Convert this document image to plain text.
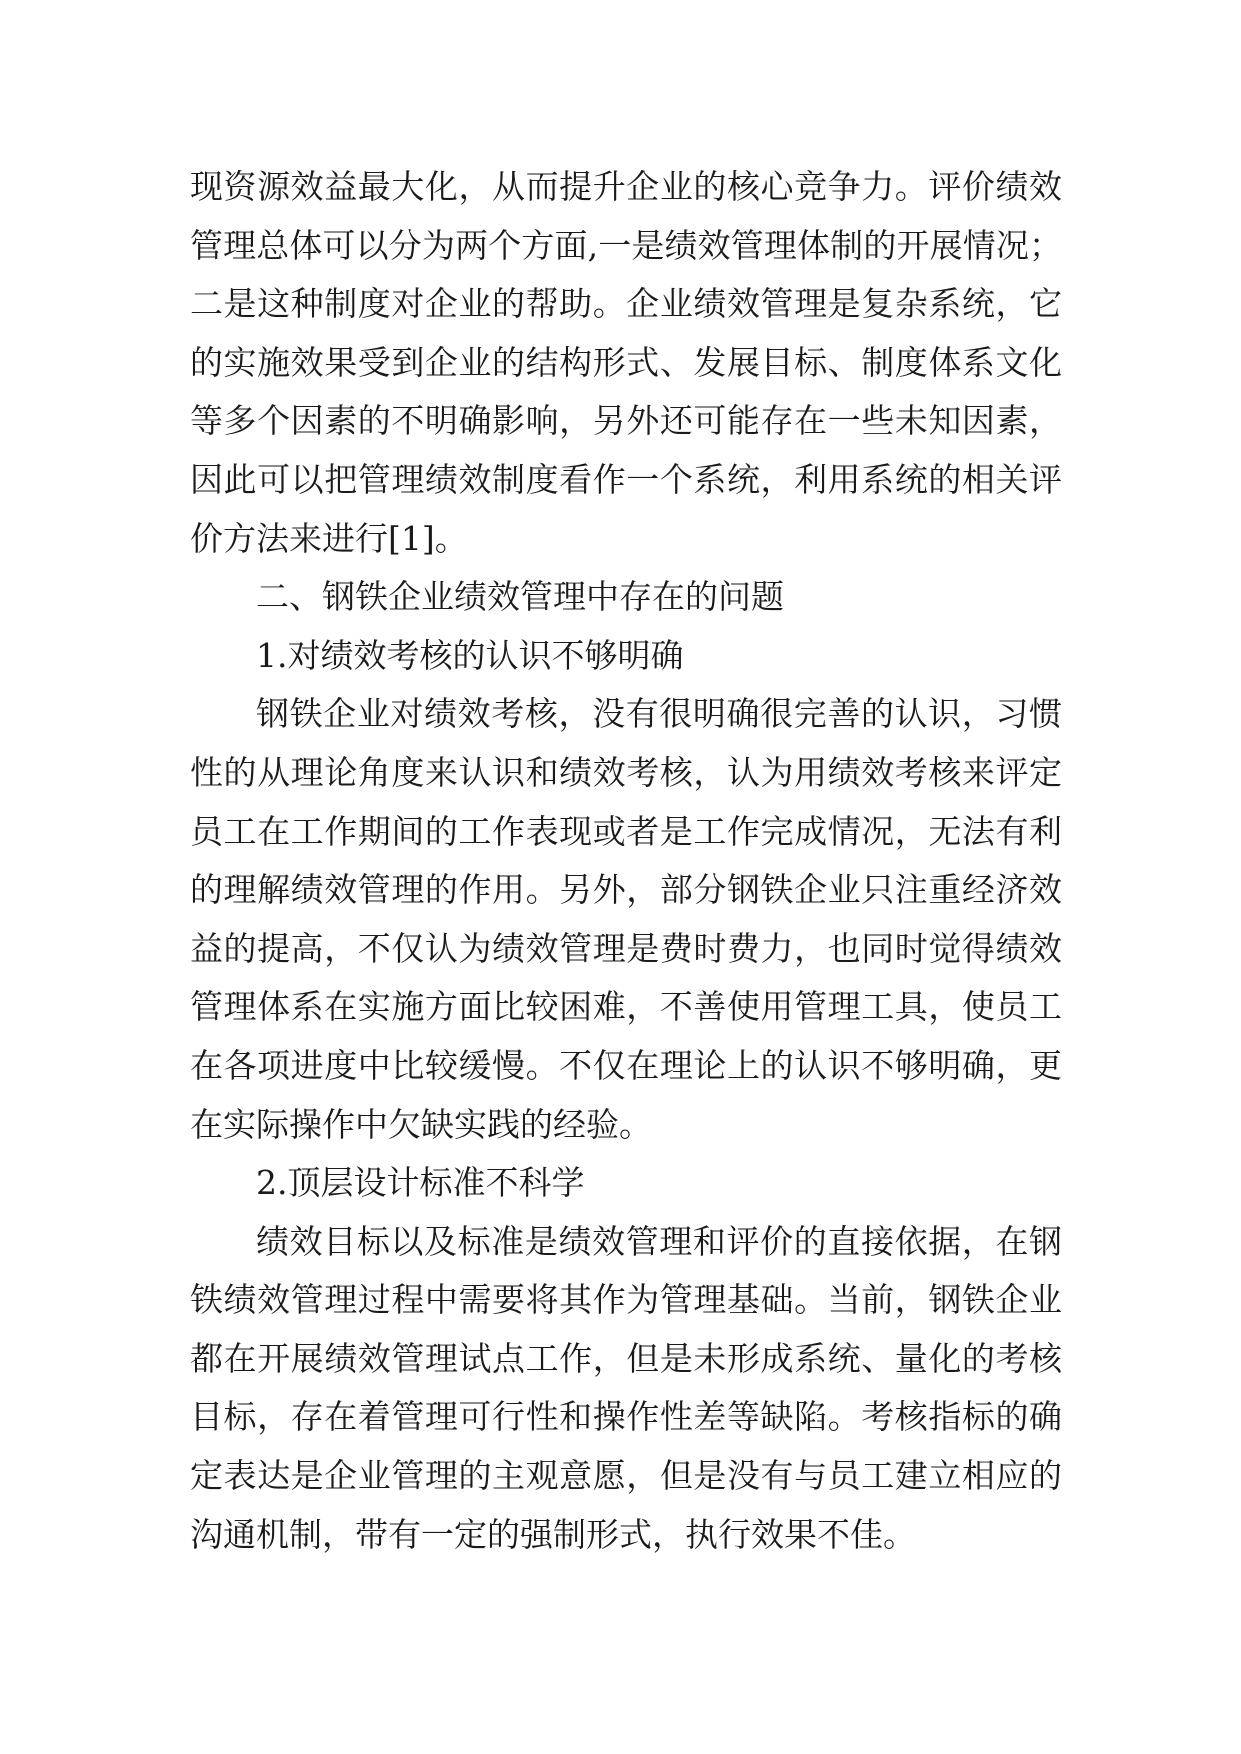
现资源效益最大化，从而提升企业的核心竞争力。评价绩效
管理总体可以分为两个方面,一是绩效管理体制的开展情况；
二是这种制度对企业的帮助。企业绩效管理是复杂系统，它
的实施效果受到企业的结构形式、发展目标、制度体系文化
等多个因素的不明确影响，另外还可能存在一些未知因素，
因此可以把管理绩效制度看作一个系统，利用系统的相关评
价方法来进行[1]。

二、钢铁企业绩效管理中存在的问题

1.对绩效考核的认识不够明确

钢铁企业对绩效考核，没有很明确很完善的认识，习惯
性的从理论角度来认识和绩效考核，认为用绩效考核来评定
员工在工作期间的工作表现或者是工作完成情况，无法有利
的理解绩效管理的作用。另外，部分钢铁企业只注重经济效
益的提高，不仅认为绩效管理是费时费力，也同时觉得绩效
管理体系在实施方面比较困难，不善使用管理工具，使员工
在各项进度中比较缓慢。不仅在理论上的认识不够明确，更
在实际操作中欠缺实践的经验。

2.顶层设计标准不科学

绩效目标以及标准是绩效管理和评价的直接依据，在钢
铁绩效管理过程中需要将其作为管理基础。当前，钢铁企业
都在开展绩效管理试点工作，但是未形成系统、量化的考核
目标，存在着管理可行性和操作性差等缺陷。考核指标的确
定表达是企业管理的主观意愿，但是没有与员工建立相应的
沟通机制，带有一定的强制形式，执行效果不佳。
